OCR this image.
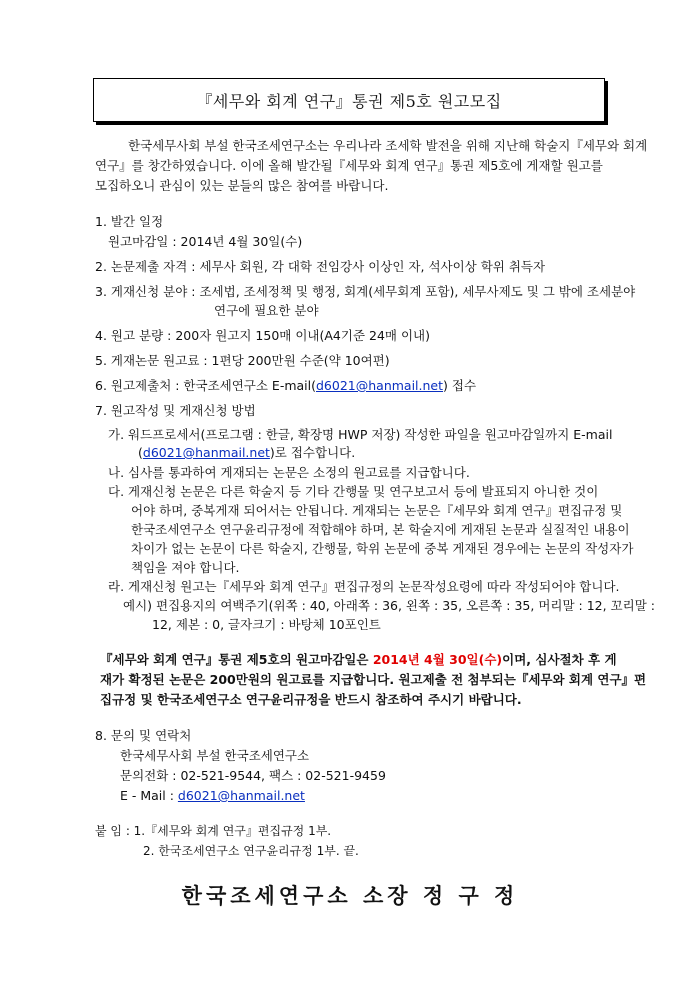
『세무와 회계 연구』통권 제5호 원고모집
한국세무사회 부설 한국조세연구소는 우리나라 조세학 발전을 위해 지난해 학술지『세무와 회계
연구』를 창간하였습니다. 이에 올해 발간될『세무와 회계 연구』통권 제5호에 게재할 원고를
모집하오니 관심이 있는 분들의 많은 참여를 바랍니다.
1. 발간 일정
원고마감일 : 2014년 4월 30일(수)
2. 논문제출 자격 : 세무사 회원, 각 대학 전임강사 이상인 자, 석사이상 학위 취득자
3. 게재신청 분야 : 조세법, 조세정책 및 행정, 회계(세무회계 포함), 세무사제도 및 그 밖에 조세분야
연구에 필요한 분야
4. 원고 분량 : 200자 원고지 150매 이내(A4기준 24매 이내)
5. 게재논문 원고료 : 1편당 200만원 수준(약 10여편)
6. 원고제출처 : 한국조세연구소 E-mail(d6021@hanmail.net) 접수
7. 원고작성 및 게재신청 방법
가. 워드프로세서(프로그램 : 한글, 확장명 HWP 저장) 작성한 파일을 원고마감일까지 E-mail
(d6021@hanmail.net)로 접수합니다.
나. 심사를 통과하여 게재되는 논문은 소정의 원고료를 지급합니다.
다. 게재신청 논문은 다른 학술지 등 기타 간행물 및 연구보고서 등에 발표되지 아니한 것이
어야 하며, 중복게재 되어서는 안됩니다. 게재되는 논문은『세무와 회계 연구』편집규정 및
한국조세연구소 연구윤리규정에 적합해야 하며, 본 학술지에 게재된 논문과 실질적인 내용이
차이가 없는 논문이 다른 학술지, 간행물, 학위 논문에 중복 게재된 경우에는 논문의 작성자가
책임을 져야 합니다.
라. 게재신청 원고는『세무와 회계 연구』편집규정의 논문작성요령에 따라 작성되어야 합니다.
예시) 편집용지의 여백주기(위쪽 : 40, 아래쪽 : 36, 왼쪽 : 35, 오른쪽 : 35, 머리말 : 12, 꼬리말 :
12, 제본 : 0, 글자크기 : 바탕체 10포인트
『세무와 회계 연구』통권 제5호의 원고마감일은 2014년 4월 30일(수)이며, 심사절차 후 게
재가 확정된 논문은 200만원의 원고료를 지급합니다. 원고제출 전 첨부되는『세무와 회계 연구』편
집규정 및 한국조세연구소 연구윤리규정을 반드시 참조하여 주시기 바랍니다.
8. 문의 및 연락처
한국세무사회 부설 한국조세연구소
문의전화 : 02-521-9544, 팩스 : 02-521-9459
E - Mail : d6021@hanmail.net
붙 임 : 1.『세무와 회계 연구』편집규정 1부.
2. 한국조세연구소 연구윤리규정 1부. 끝.
한국조세연구소 소장 정 구 정
